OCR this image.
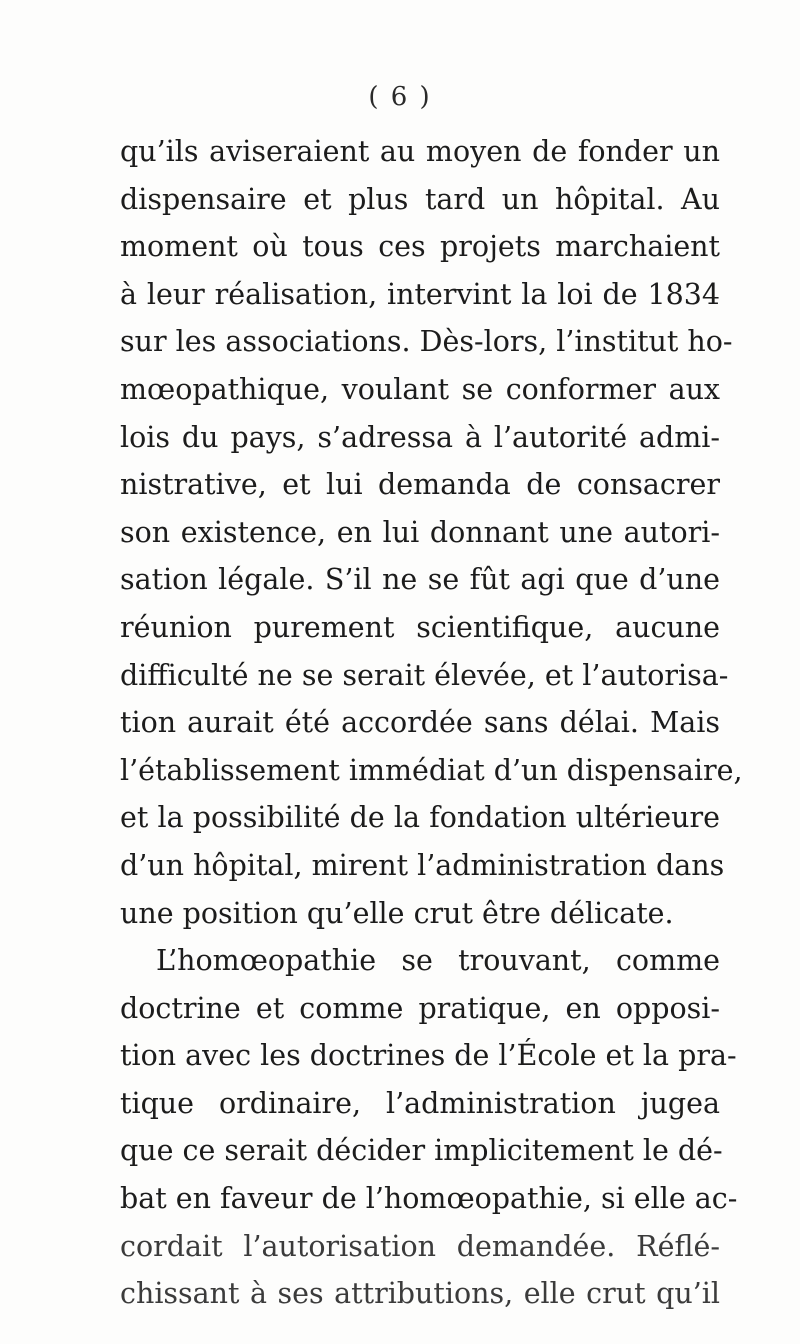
( 6 )
qu’ils aviseraient au moyen de fonder un
dispensaire et plus tard un hôpital. Au
moment où tous ces projets marchaient
à leur réalisation, intervint la loi de 1834
sur les associations. Dès-lors, l’institut ho-
mœopathique, voulant se conformer aux
lois du pays, s’adressa à l’autorité admi-
nistrative, et lui demanda de consacrer
son existence, en lui donnant une autori-
sation légale. S’il ne se fût agi que d’une
réunion purement scientifique, aucune
difficulté ne se serait élevée, et l’autorisa-
tion aurait été accordée sans délai. Mais
l’établissement immédiat d’un dispensaire,
et la possibilité de la fondation ultérieure
d’un hôpital, mirent l’administration dans
une position qu’elle crut être délicate.
L’homœopathie se trouvant, comme
doctrine et comme pratique, en opposi-
tion avec les doctrines de l’École et la pra-
tique ordinaire, l’administration jugea
que ce serait décider implicitement le dé-
bat en faveur de l’homœopathie, si elle ac-
cordait l’autorisation demandée. Réflé-
chissant à ses attributions, elle crut qu’il
